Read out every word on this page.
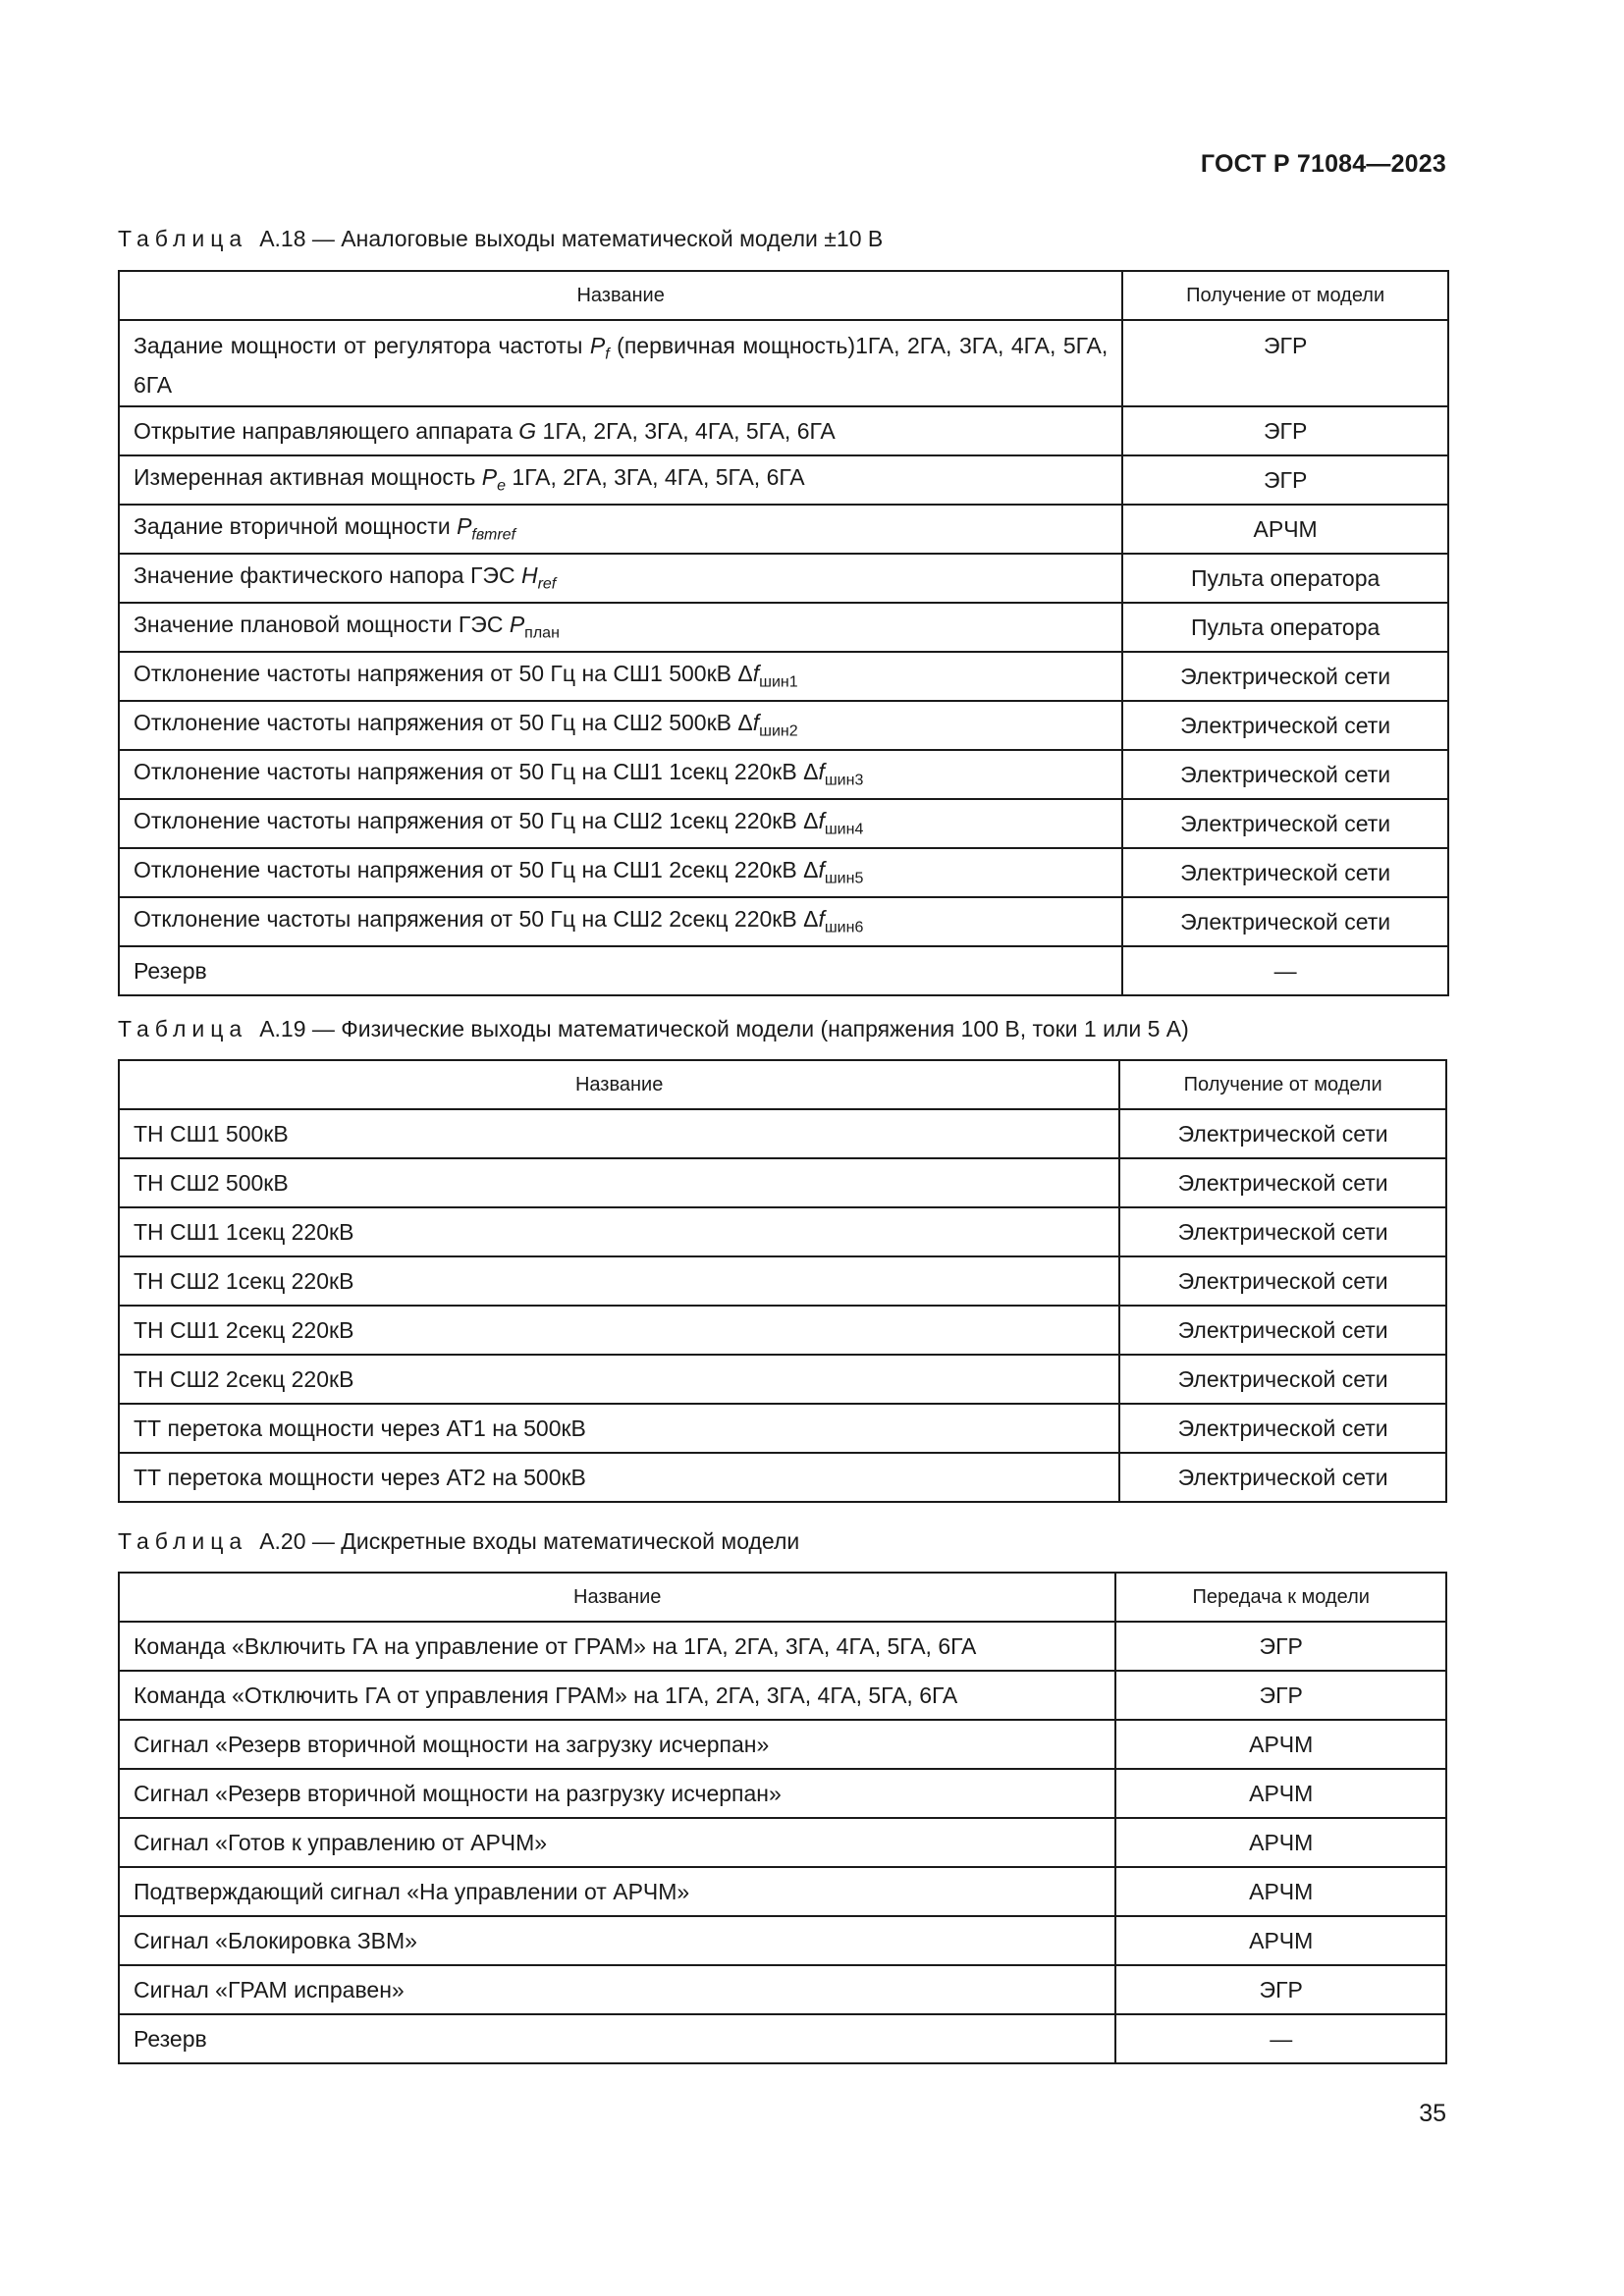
ГОСТ Р 71084—2023
Таблица А.18 — Аналоговые выходы математической модели ±10 В
Название	Получение от модели
Задание мощности от регулятора частоты $P_f$ (первичная мощность)1ГА, 2ГА, 3ГА, 4ГА, 5ГА, 6ГА	ЭГР
Открытие направляющего аппарата G 1ГА, 2ГА, 3ГА, 4ГА, 5ГА, 6ГА	ЭГР
Измеренная активная мощность $P_e$ 1ГА, 2ГА, 3ГА, 4ГА, 5ГА, 6ГА	ЭГР
Задание вторичной мощности $P_{fвтref}$	АРЧМ
Значение фактического напора ГЭС $H_{ref}$	Пульта оператора
Значение плановой мощности ГЭС $P_{план}$	Пульта оператора
Отклонение частоты напряжения от 50 Гц на СШ1 500кВ $\Delta f_{шин1}$	Электрической сети
Отклонение частоты напряжения от 50 Гц на СШ2 500кВ $\Delta f_{шин2}$	Электрической сети
Отклонение частоты напряжения от 50 Гц на СШ1 1секц 220кВ $\Delta f_{шин3}$	Электрической сети
Отклонение частоты напряжения от 50 Гц на СШ2 1секц 220кВ $\Delta f_{шин4}$	Электрической сети
Отклонение частоты напряжения от 50 Гц на СШ1 2секц 220кВ $\Delta f_{шин5}$	Электрической сети
Отклонение частоты напряжения от 50 Гц на СШ2 2секц 220кВ $\Delta f_{шин6}$	Электрической сети
Резерв	—
Таблица А.19 — Физические выходы математической модели (напряжения 100 В, токи 1 или 5 А)
Название	Получение от модели
ТН СШ1 500кВ	Электрической сети
ТН СШ2 500кВ	Электрической сети
ТН СШ1 1секц 220кВ	Электрической сети
ТН СШ2 1секц 220кВ	Электрической сети
ТН СШ1 2секц 220кВ	Электрической сети
ТН СШ2 2секц 220кВ	Электрической сети
ТТ перетока мощности через АТ1 на 500кВ	Электрической сети
ТТ перетока мощности через АТ2 на 500кВ	Электрической сети
Таблица А.20 — Дискретные входы математической модели
Название	Передача к модели
Команда «Включить ГА на управление от ГРАМ» на 1ГА, 2ГА, 3ГА, 4ГА, 5ГА, 6ГА	ЭГР
Команда «Отключить ГА от управления ГРАМ» на 1ГА, 2ГА, 3ГА, 4ГА, 5ГА, 6ГА	ЭГР
Сигнал «Резерв вторичной мощности на загрузку исчерпан»	АРЧМ
Сигнал «Резерв вторичной мощности на разгрузку исчерпан»	АРЧМ
Сигнал «Готов к управлению от АРЧМ»	АРЧМ
Подтверждающий сигнал «На управлении от АРЧМ»	АРЧМ
Сигнал «Блокировка ЗВМ»	АРЧМ
Сигнал «ГРАМ исправен»	ЭГР
Резерв	—
35
